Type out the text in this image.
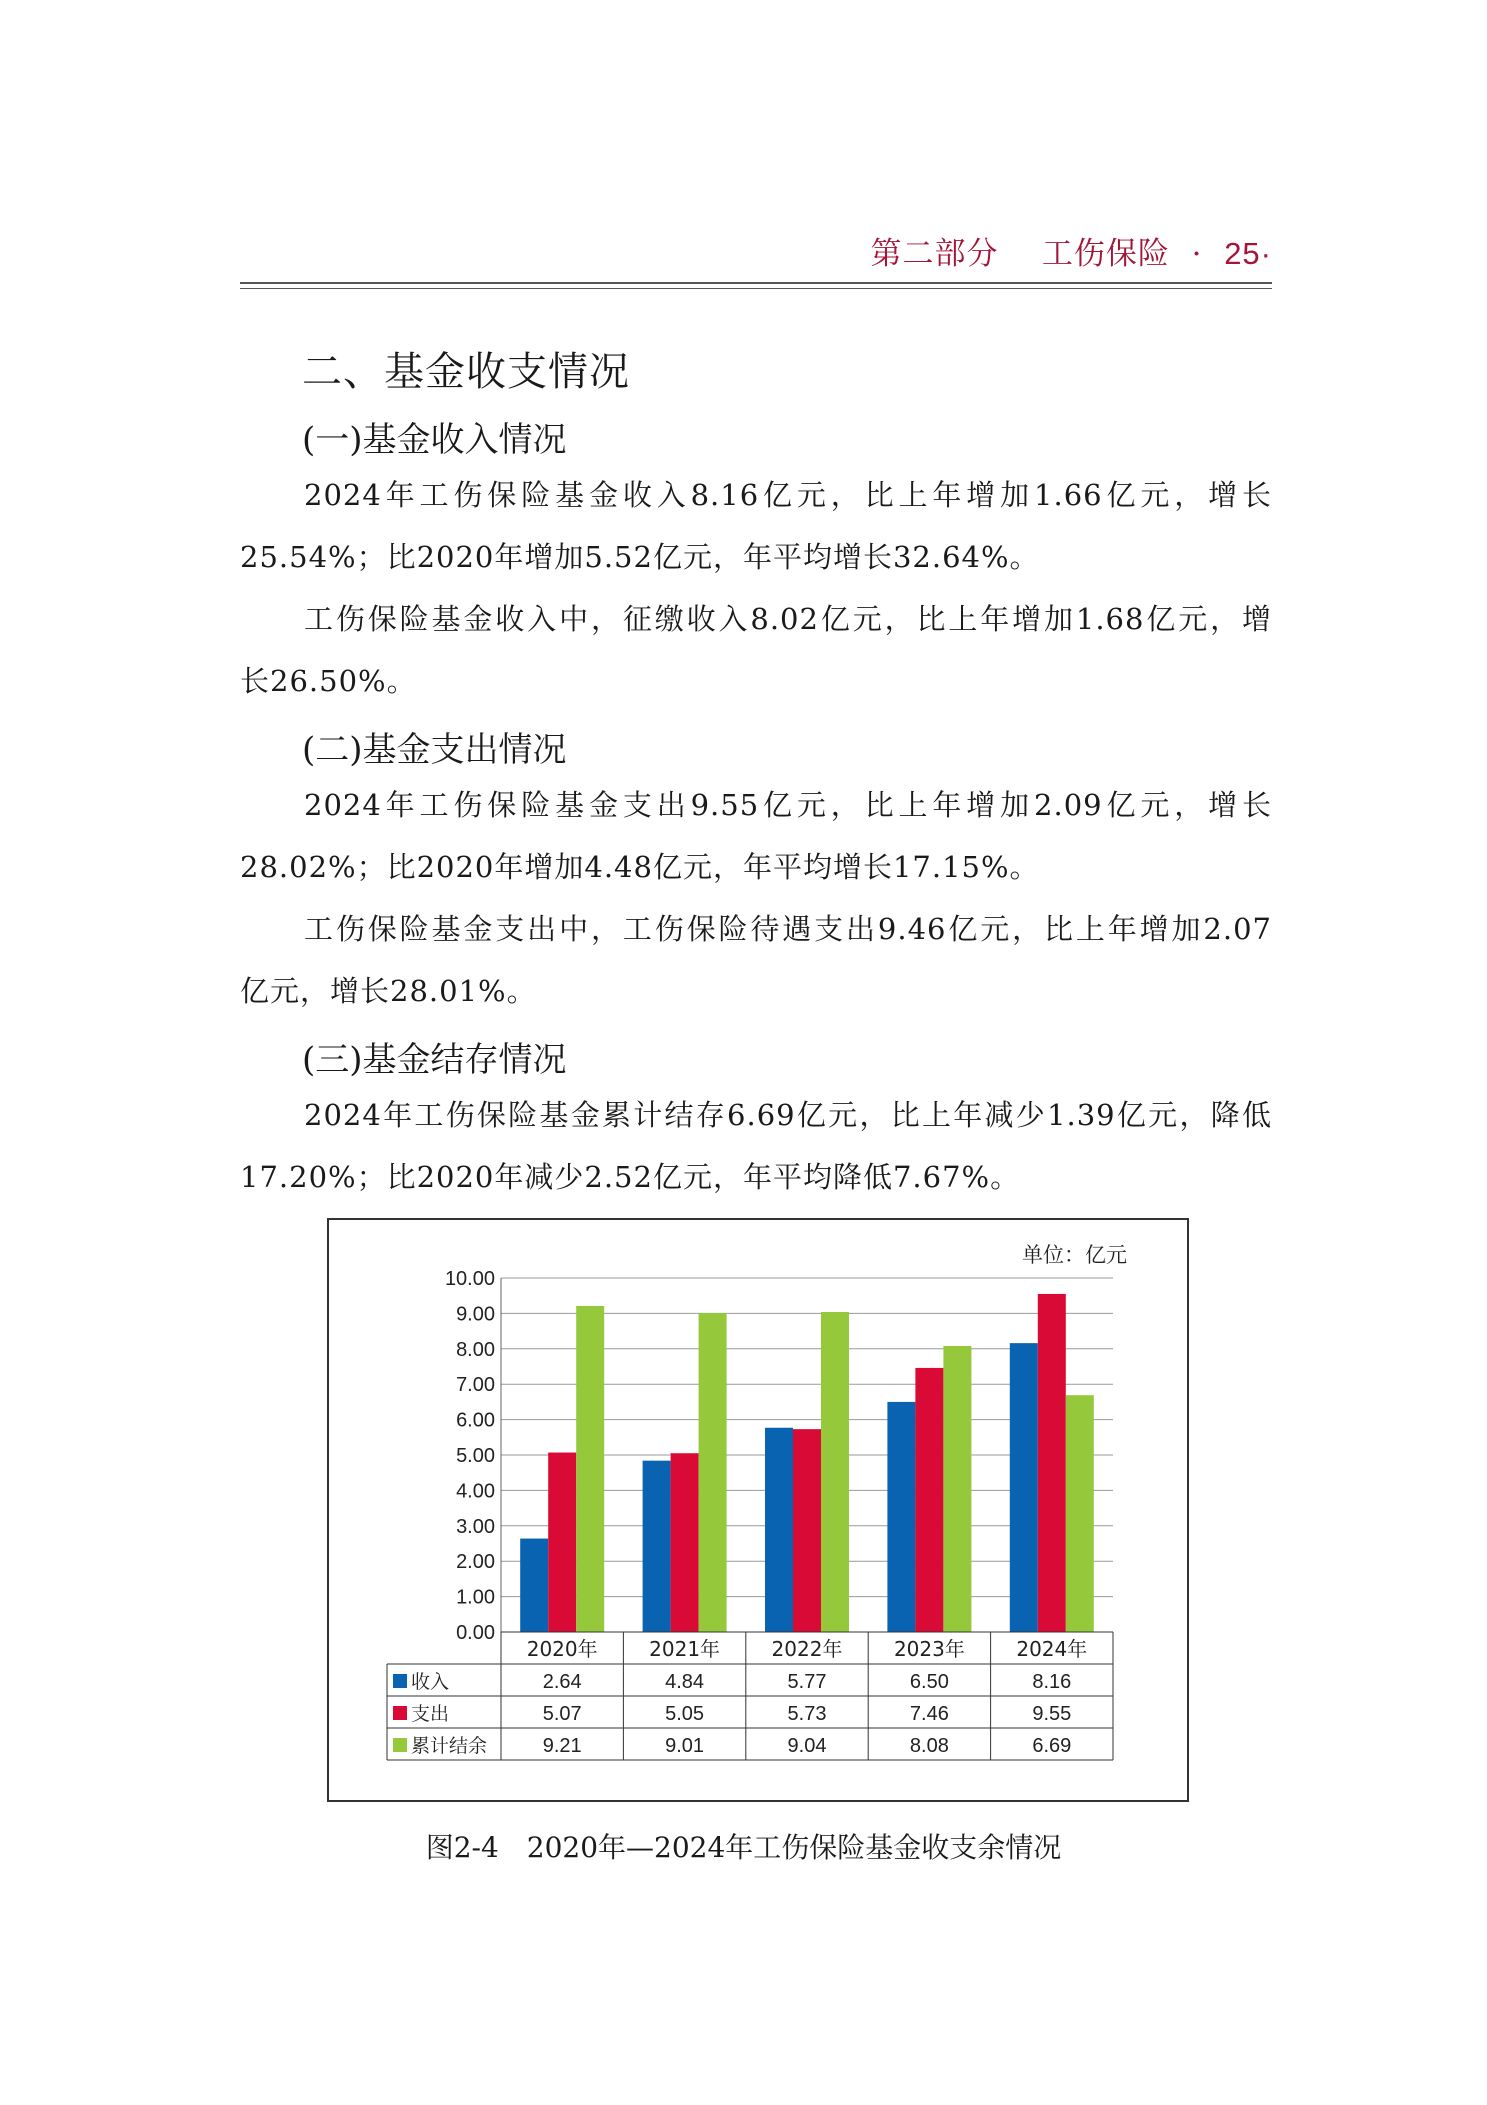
第二部分 工伤保险 · 25·
二、基金收支情况
(一)基金收入情况
2024年工伤保险基金收入8.16亿元，比上年增加1.66亿元，增长
25.54%；比2020年增加5.52亿元，年平均增长32.64%。
工伤保险基金收入中，征缴收入8.02亿元，比上年增加1.68亿元，增
长26.50%。
(二)基金支出情况
2024年工伤保险基金支出9.55亿元，比上年增加2.09亿元，增长
28.02%；比2020年增加4.48亿元，年平均增长17.15%。
工伤保险基金支出中，工伤保险待遇支出9.46亿元，比上年增加2.07
亿元，增长28.01%。
(三)基金结存情况
2024年工伤保险基金累计结存6.69亿元，比上年减少1.39亿元，降低
17.20%；比2020年减少2.52亿元，年平均降低7.67%。
单位：亿元
0.00
1.00
2.00
3.00
4.00
5.00
6.00
7.00
8.00
9.00
10.00
2020年	2021年	2022年	2023年	2024年
收入	2.64	4.84	5.77	6.50	8.16
支出	5.07	5.05	5.73	7.46	9.55
累计结余	9.21	9.01	9.04	8.08	6.69
图2-4　2020年—2024年工伤保险基金收支余情况
